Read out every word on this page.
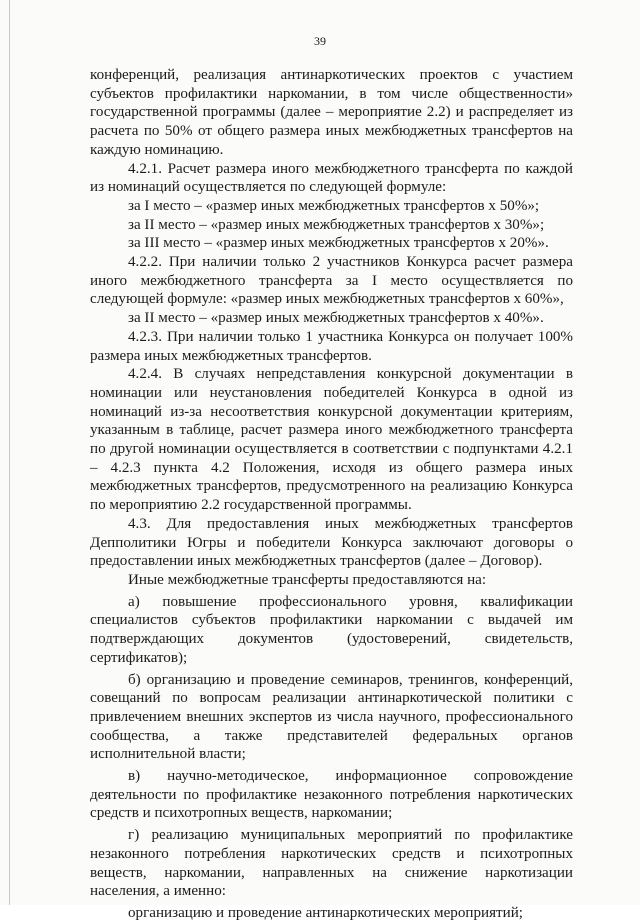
39

конференций, реализация антинаркотических проектов с участием субъектов профилактики наркомании, в том числе общественности» государственной программы (далее – мероприятие 2.2) и распределяет из расчета по 50% от общего размера иных межбюджетных трансфертов на каждую номинацию.

4.2.1. Расчет размера иного межбюджетного трансферта по каждой из номинаций осуществляется по следующей формуле:

за I место – «размер иных межбюджетных трансфертов х 50%»;

за II место – «размер иных межбюджетных трансфертов х 30%»;

за III место – «размер иных межбюджетных трансфертов х 20%».

4.2.2. При наличии только 2 участников Конкурса расчет размера иного межбюджетного трансферта за I место осуществляется по следующей формуле: «размер иных межбюджетных трансфертов х 60%»,

за II место – «размер иных межбюджетных трансфертов х 40%».

4.2.3. При наличии только 1 участника Конкурса он получает 100% размера иных межбюджетных трансфертов.

4.2.4. В случаях непредставления конкурсной документации в номинации или неустановления победителей Конкурса в одной из номинаций из-за несоответствия конкурсной документации критериям, указанным в таблице, расчет размера иного межбюджетного трансферта по другой номинации осуществляется в соответствии с подпунктами 4.2.1 – 4.2.3 пункта 4.2 Положения, исходя из общего размера иных межбюджетных трансфертов, предусмотренного на реализацию Конкурса по мероприятию 2.2 государственной программы.

4.3. Для предоставления иных межбюджетных трансфертов Депполитики Югры и победители Конкурса заключают договоры о предоставлении иных межбюджетных трансфертов (далее – Договор).

Иные межбюджетные трансферты предоставляются на:

а) повышение профессионального уровня, квалификации специалистов субъектов профилактики наркомании с выдачей им подтверждающих документов (удостоверений, свидетельств, сертификатов);

б) организацию и проведение семинаров, тренингов, конференций, совещаний по вопросам реализации антинаркотической политики с привлечением внешних экспертов из числа научного, профессионального сообщества, а также представителей федеральных органов исполнительной власти;

в) научно-методическое, информационное сопровождение деятельности по профилактике незаконного потребления наркотических средств и психотропных веществ, наркомании;

г) реализацию муниципальных мероприятий по профилактике незаконного потребления наркотических средств и психотропных веществ, наркомании, направленных на снижение наркотизации населения, а именно:

организацию и проведение антинаркотических мероприятий;
